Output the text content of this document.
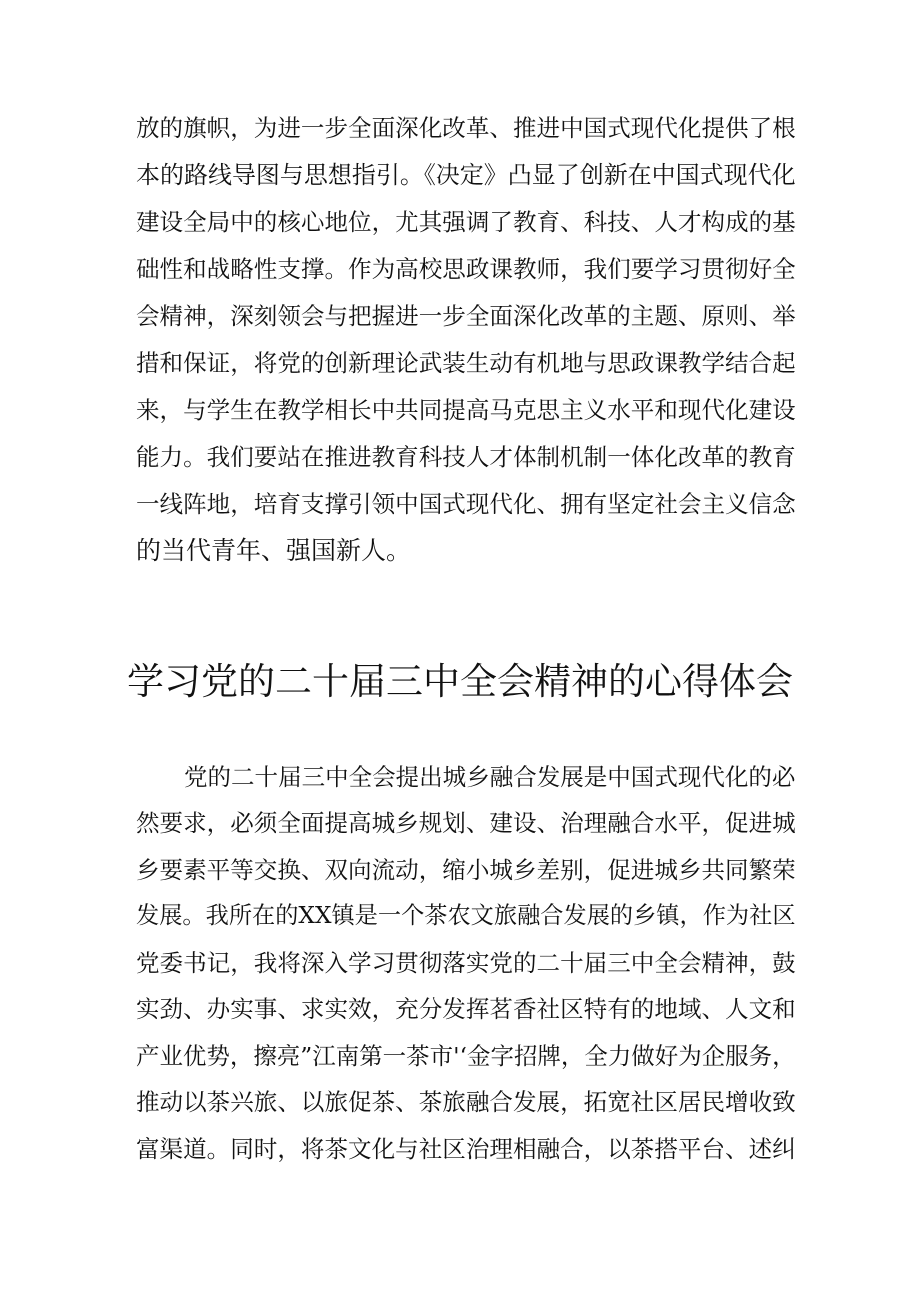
放的旗帜，为进一步全面深化改革、推进中国式现代化提供了根
本的路线导图与思想指引。《决定》凸显了创新在中国式现代化
建设全局中的核心地位，尤其强调了教育、科技、人才构成的基
础性和战略性支撑。作为高校思政课教师，我们要学习贯彻好全
会精神，深刻领会与把握进一步全面深化改革的主题、原则、举
措和保证，将党的创新理论武装生动有机地与思政课教学结合起
来，与学生在教学相长中共同提高马克思主义水平和现代化建设
能力。我们要站在推进教育科技人才体制机制一体化改革的教育
一线阵地，培育支撑引领中国式现代化、拥有坚定社会主义信念
的当代青年、强国新人。
学习党的二十届三中全会精神的心得体会
党的二十届三中全会提出城乡融合发展是中国式现代化的必
然要求，必须全面提高城乡规划、建设、治理融合水平，促进城
乡要素平等交换、双向流动，缩小城乡差别，促进城乡共同繁荣
发展。我所在的XX镇是一个茶农文旅融合发展的乡镇，作为社区
党委书记，我将深入学习贯彻落实党的二十届三中全会精神，鼓
实劲、办实事、求实效，充分发挥茗香社区特有的地域、人文和
产业优势，擦亮”江南第一茶市'‘金字招牌，全力做好为企服务，
推动以茶兴旅、以旅促茶、茶旅融合发展，拓宽社区居民增收致
富渠道。同时，将茶文化与社区治理相融合，以茶搭平台、述纠
